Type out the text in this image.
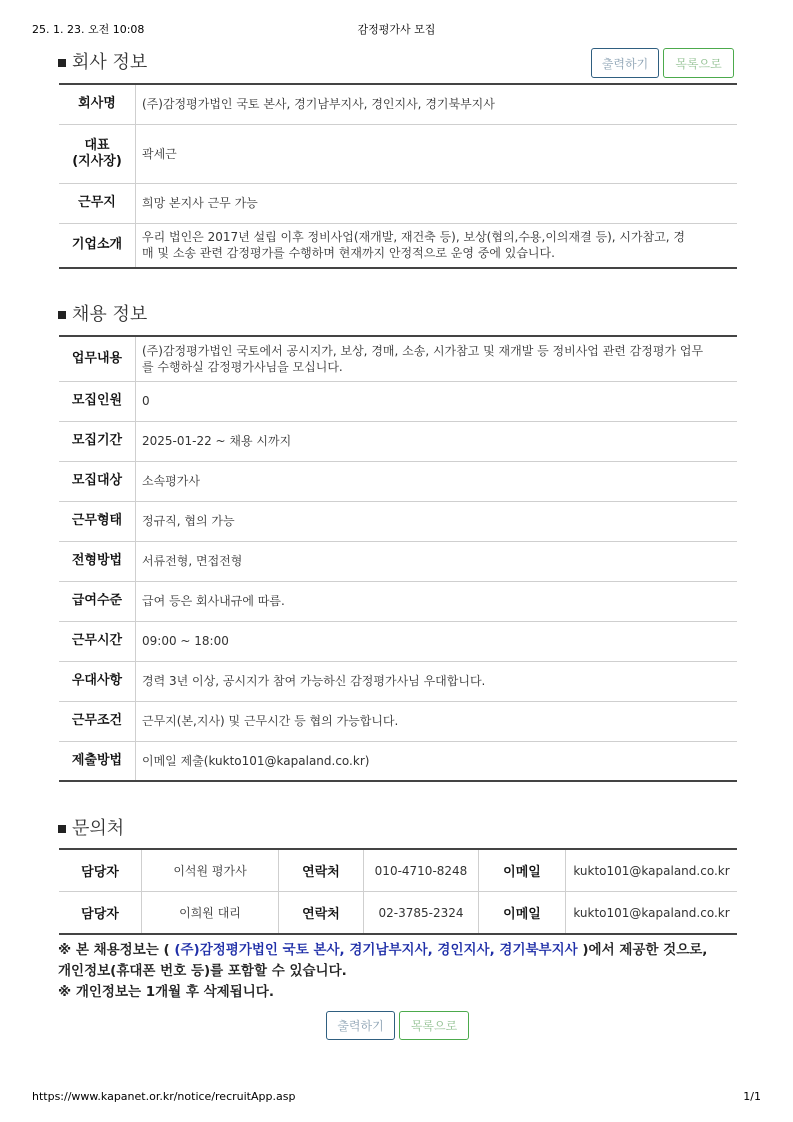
25. 1. 23. 오전 10:08	감정평가사 모집
회사 정보	출력하기	목록으로
회사명	(주)감정평가법인 국토 본사, 경기남부지사, 경인지사, 경기북부지사
대표
(지사장)	곽세근
근무지	희망 본지사 근무 가능
기업소개	우리 법인은 2017년 설립 이후 정비사업(재개발, 재건축 등), 보상(협의,수용,이의재결 등), 시가참고, 경
매 및 소송 관련 감정평가를 수행하며 현재까지 안정적으로 운영 중에 있습니다.
채용 정보
업무내용	(주)감정평가법인 국토에서 공시지가, 보상, 경매, 소송, 시가참고 및 재개발 등 정비사업 관련 감정평가 업무
를 수행하실 감정평가사님을 모십니다.
모집인원	0
모집기간	2025-01-22 ~ 채용 시까지
모집대상	소속평가사
근무형태	정규직, 협의 가능
전형방법	서류전형, 면접전형
급여수준	급여 등은 회사내규에 따름.
근무시간	09:00 ~ 18:00
우대사항	경력 3년 이상, 공시지가 참여 가능하신 감정평가사님 우대합니다.
근무조건	근무지(본,지사) 및 근무시간 등 협의 가능합니다.
제출방법	이메일 제출(kukto101@kapaland.co.kr)
문의처
담당자	이석원 평가사	연락처	010-4710-8248	이메일	kukto101@kapaland.co.kr
담당자	이희원 대리	연락처	02-3785-2324	이메일	kukto101@kapaland.co.kr
※ 본 채용정보는 ( (주)감정평가법인 국토 본사, 경기남부지사, 경인지사, 경기북부지사 )에서 제공한 것으로,
개인정보(휴대폰 번호 등)를 포함할 수 있습니다.
※ 개인정보는 1개월 후 삭제됩니다.
출력하기	목록으로
https://www.kapanet.or.kr/notice/recruitApp.asp	1/1
